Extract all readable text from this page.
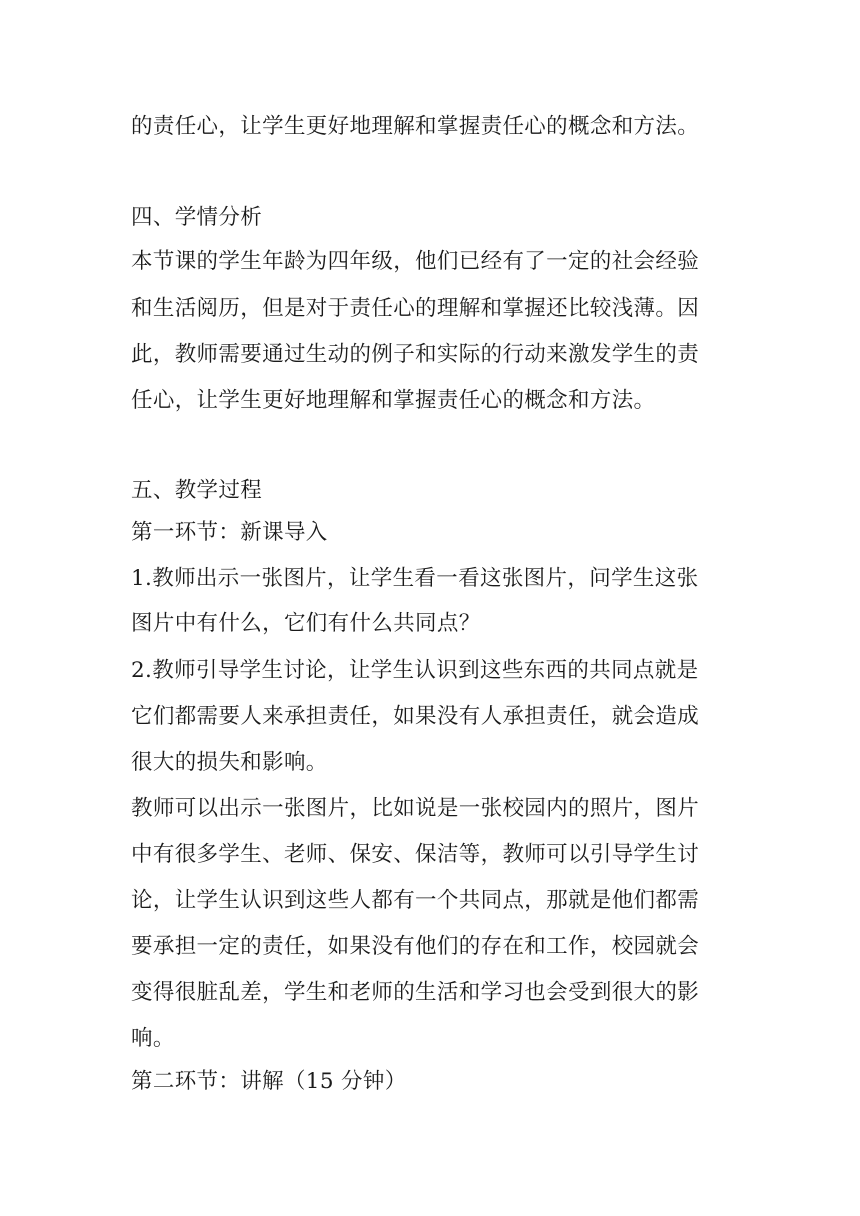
的责任心，让学生更好地理解和掌握责任心的概念和方法。
四、学情分析
本节课的学生年龄为四年级，他们已经有了一定的社会经验
和生活阅历，但是对于责任心的理解和掌握还比较浅薄。因
此，教师需要通过生动的例子和实际的行动来激发学生的责
任心，让学生更好地理解和掌握责任心的概念和方法。
五、教学过程
第一环节：新课导入
1.教师出示一张图片，让学生看一看这张图片，问学生这张
图片中有什么，它们有什么共同点？
2.教师引导学生讨论，让学生认识到这些东西的共同点就是
它们都需要人来承担责任，如果没有人承担责任，就会造成
很大的损失和影响。
教师可以出示一张图片，比如说是一张校园内的照片，图片
中有很多学生、老师、保安、保洁等，教师可以引导学生讨
论，让学生认识到这些人都有一个共同点，那就是他们都需
要承担一定的责任，如果没有他们的存在和工作，校园就会
变得很脏乱差，学生和老师的生活和学习也会受到很大的影
响。
第二环节：讲解（15 分钟）
